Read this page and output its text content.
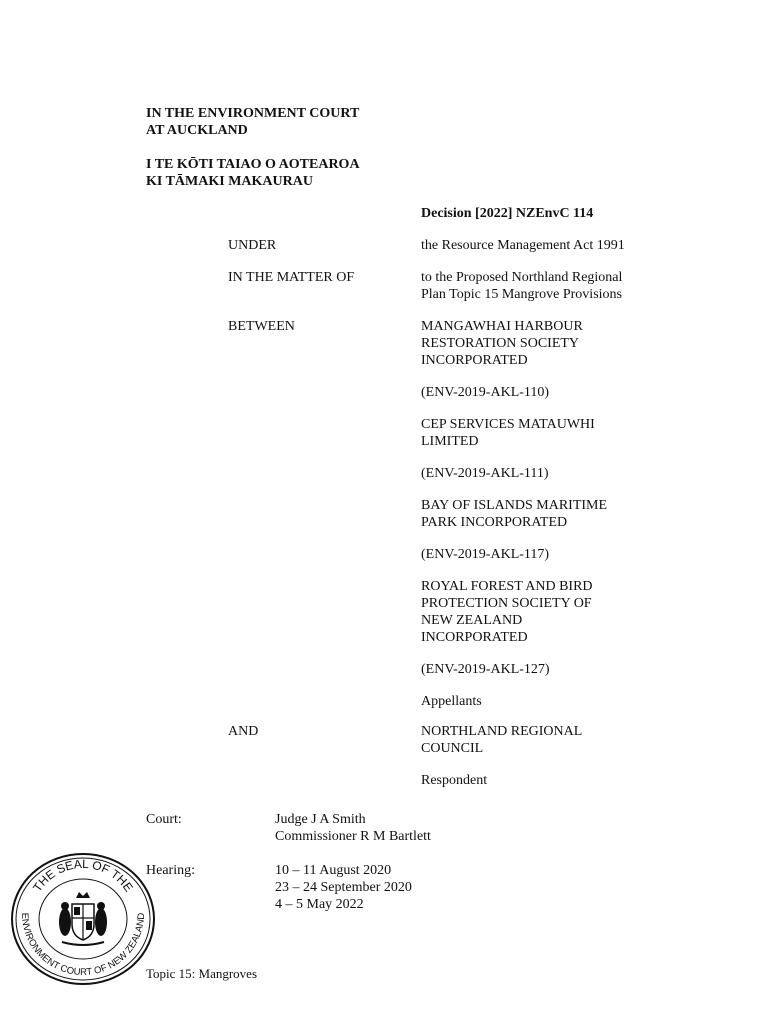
IN THE ENVIRONMENT COURT
AT AUCKLAND
I TE KŌTI TAIAO O AOTEAROA
KI TĀMAKI MAKAURAU
Decision [2022] NZEnvC 114
UNDER	the Resource Management Act 1991
IN THE MATTER OF	to the Proposed Northland Regional
Plan Topic 15 Mangrove Provisions
BETWEEN	MANGAWHAI HARBOUR
RESTORATION SOCIETY
INCORPORATED
(ENV-2019-AKL-110)
CEP SERVICES MATAUWHI
LIMITED
(ENV-2019-AKL-111)
BAY OF ISLANDS MARITIME
PARK INCORPORATED
(ENV-2019-AKL-117)
ROYAL FOREST AND BIRD
PROTECTION SOCIETY OF
NEW ZEALAND
INCORPORATED
(ENV-2019-AKL-127)
Appellants
AND	NORTHLAND REGIONAL
COUNCIL
Respondent
Court:	Judge J A Smith
Commissioner R M Bartlett
Hearing:	10 – 11 August 2020
23 – 24 September 2020
4 – 5 May 2022
Topic 15: Mangroves
THE SEAL OF THE
ENVIRONMENT COURT OF NEW ZEALAND
